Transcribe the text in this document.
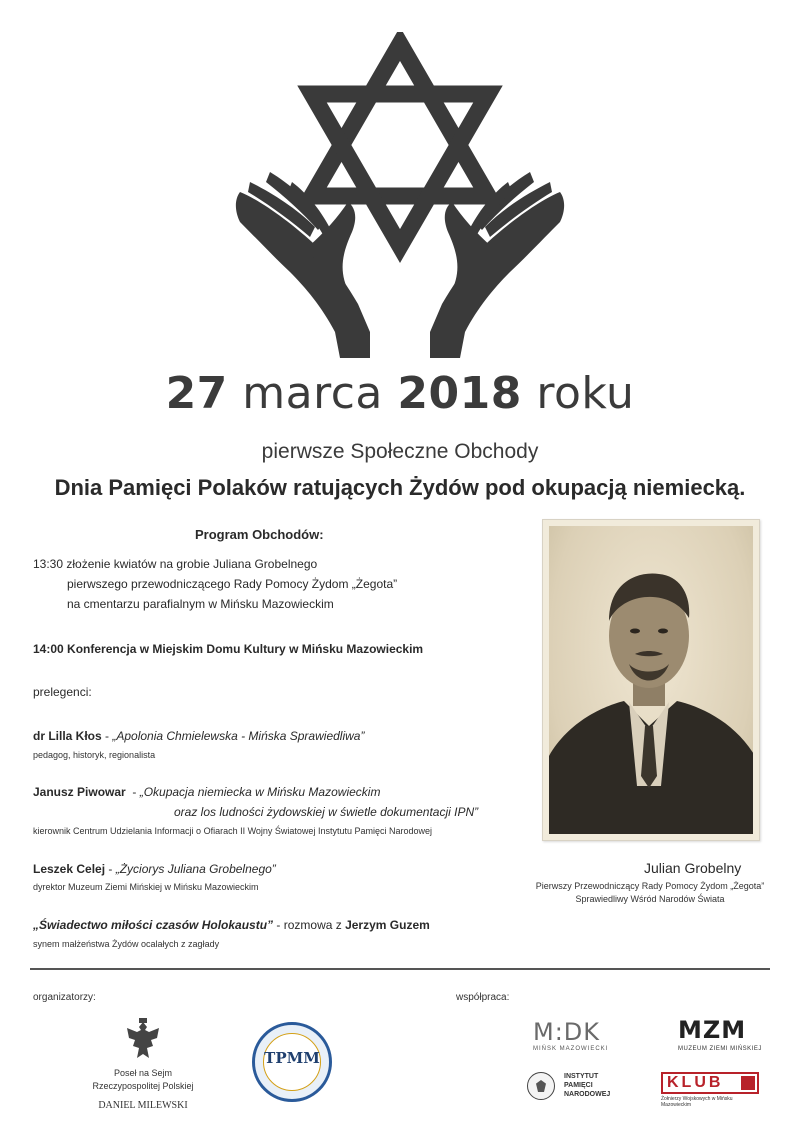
27 marca 2018 roku
pierwsze Społeczne Obchody
Dnia Pamięci Polaków ratujących Żydów pod okupacją niemiecką.
Program Obchodów:
13:30 złożenie kwiatów na grobie Juliana Grobelnego
pierwszego przewodniczącego Rady Pomocy Żydom „Żegota”
na cmentarzu parafialnym w Mińsku Mazowieckim
14:00 Konferencja w Miejskim Domu Kultury w Mińsku Mazowieckim
prelegenci:
dr Lilla Kłos - „Apolonia Chmielewska - Mińska Sprawiedliwa”
pedagog, historyk, regionalista
Janusz Piwowar  - „Okupacja niemiecka w Mińsku Mazowieckim
oraz los ludności żydowskiej w świetle dokumentacji IPN”
kierownik Centrum Udzielania Informacji o Ofiarach II Wojny Światowej Instytutu Pamięci Narodowej
Leszek Celej - „Życiorys Juliana Grobelnego”
dyrektor Muzeum Ziemi Mińskiej w Mińsku Mazowieckim
„Świadectwo miłości czasów Holokaustu” - rozmowa z Jerzym Guzem
synem małżeństwa Żydów ocalałych z zagłady
Julian Grobelny
Pierwszy Przewodniczący Rady Pomocy Żydom „Żegota”
Sprawiedliwy Wśród Narodów Świata
organizatorzy:	współpraca:
Poseł na Sejm
Rzeczypospolitej Polskiej
DANIEL MILEWSKI
TPMM
M:DK
MIŃSK MAZOWIECKI
MZM
MUZEUM ZIEMI MIŃSKIEJ
INSTYTUT
PAMIĘCI
NARODOWEJ
KLUB
Żołnierzy Wojskowych w Mińsku Mazowieckim
